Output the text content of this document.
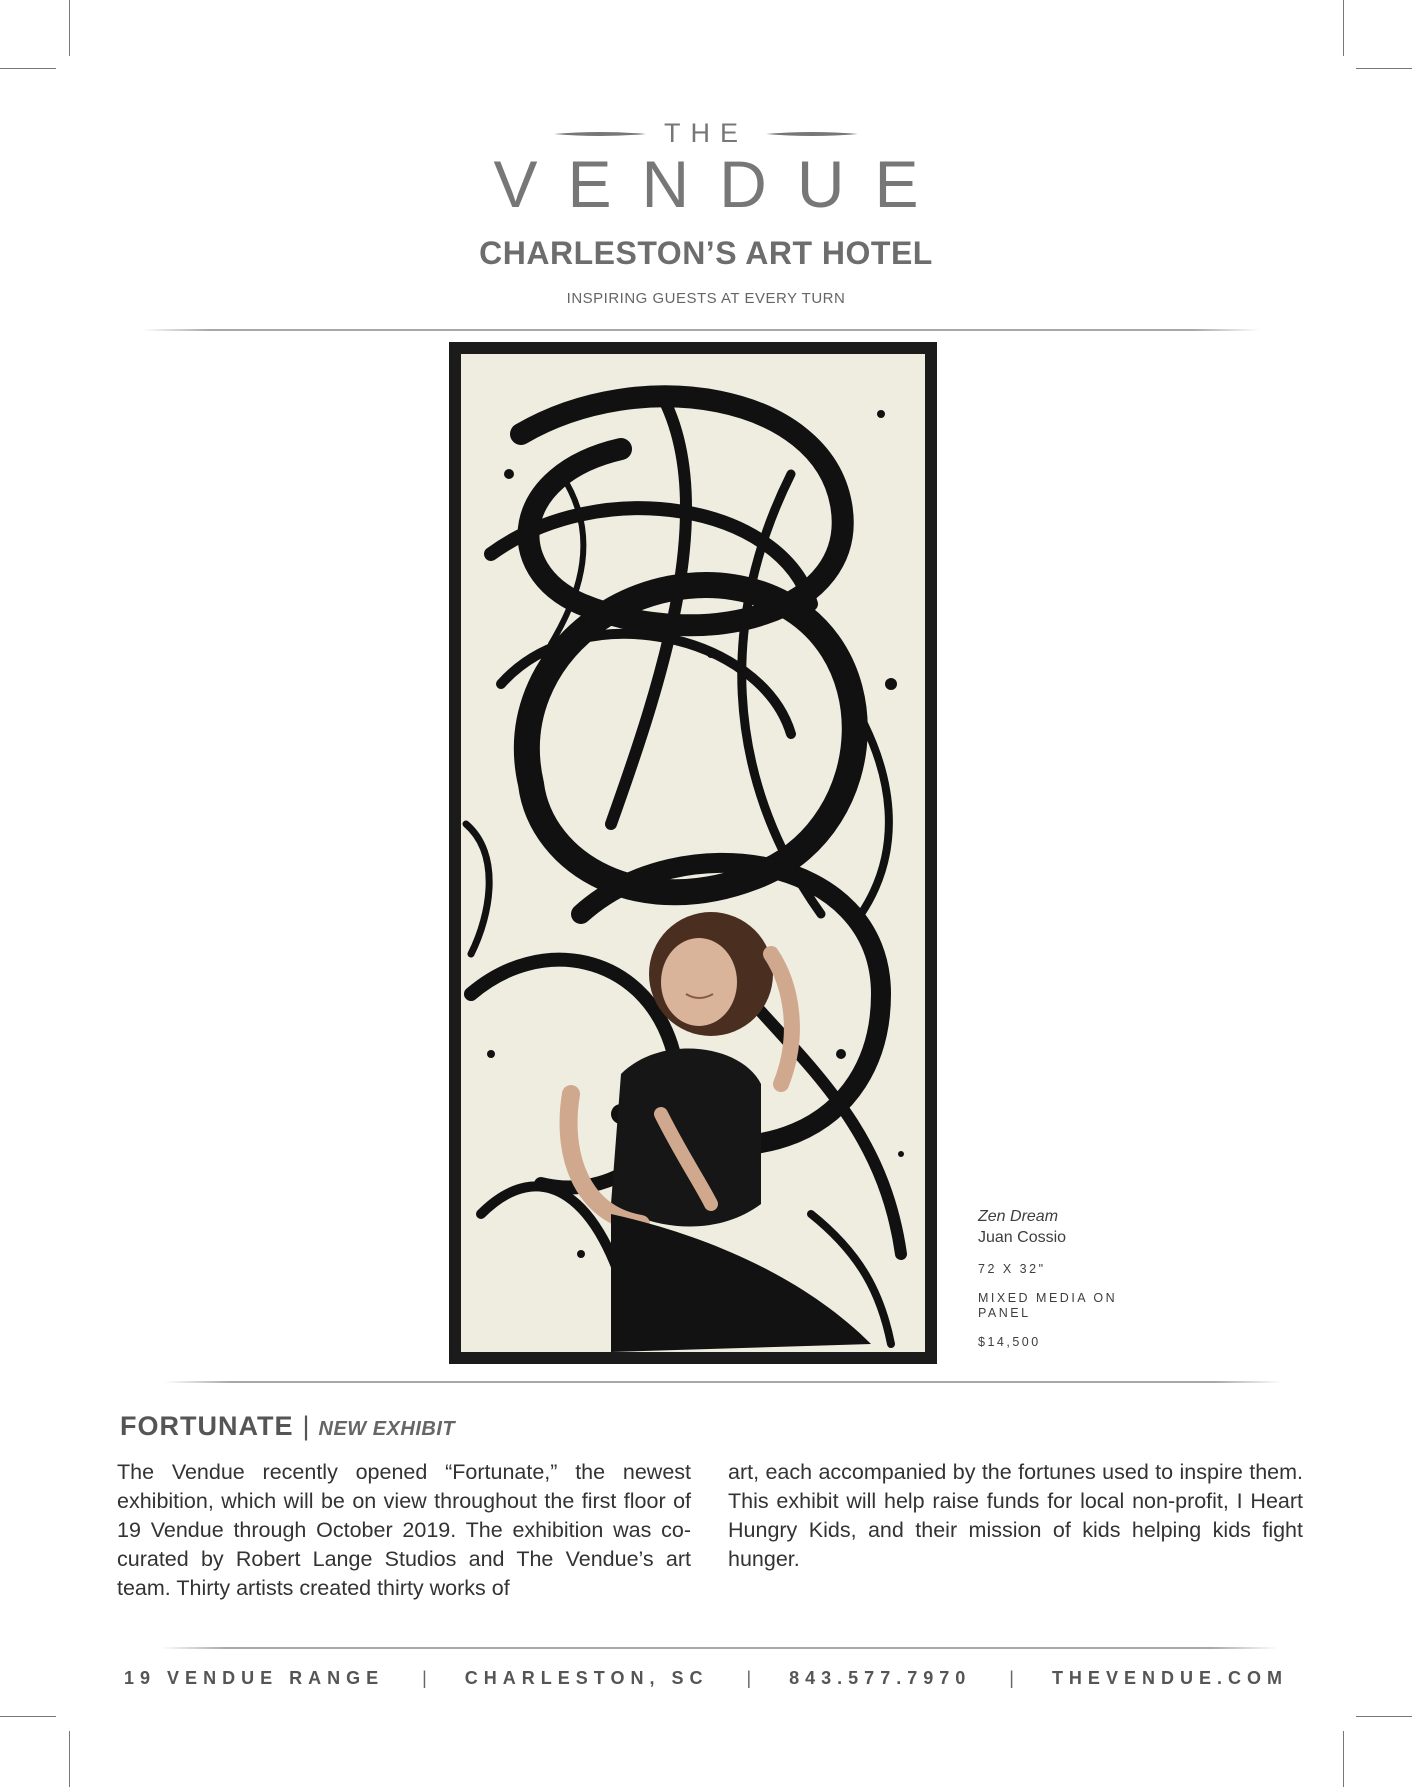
THE
VENDUE
CHARLESTON’S ART HOTEL
INSPIRING GUESTS AT EVERY TURN
Zen Dream
Juan Cossio
72 X 32"
MIXED MEDIA ON PANEL
$14,500
FORTUNATE | NEW EXHIBIT
The Vendue recently opened “Fortunate,” the newest exhibition, which will be on view throughout the first floor of 19 Vendue through October 2019. The exhibition was co-curated by Robert Lange Studios and The Vendue’s art team. Thirty artists created thirty works of
art, each accompanied by the fortunes used to inspire them. This exhibit will help raise funds for local non-profit, I Heart Hungry Kids, and their mission of kids helping kids fight hunger.
19 VENDUE RANGE | CHARLESTON, SC | 843.577.7970 | THEVENDUE.COM
